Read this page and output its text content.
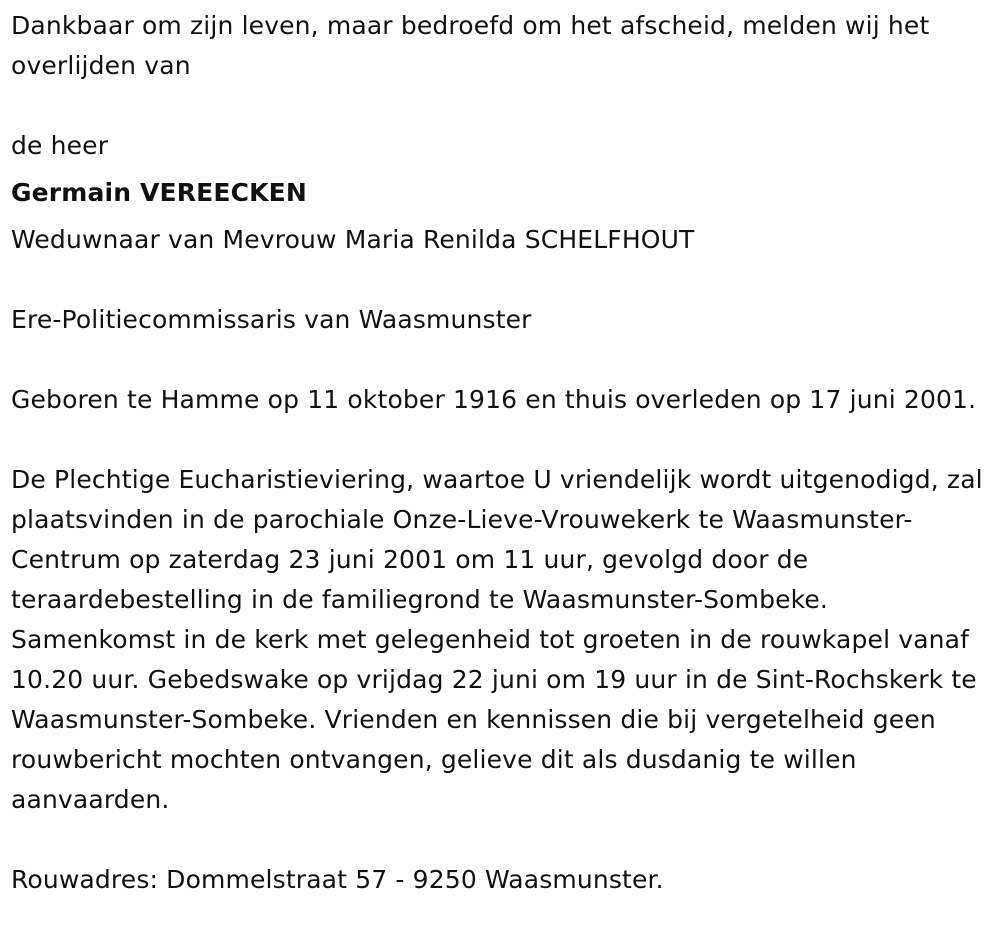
Dankbaar om zijn leven, maar bedroefd om het afscheid, melden wij het overlijden van

de heer

Germain VEREECKEN

Weduwnaar van Mevrouw Maria Renilda SCHELFHOUT

Ere-Politiecommissaris van Waasmunster

Geboren te Hamme op 11 oktober 1916 en thuis overleden op 17 juni 2001.

De Plechtige Eucharistieviering, waartoe U vriendelijk wordt uitgenodigd, zal plaatsvinden in de parochiale Onze-Lieve-Vrouwekerk te Waasmunster-Centrum op zaterdag 23 juni 2001 om 11 uur, gevolgd door de teraardebestelling in de familiegrond te Waasmunster-Sombeke. Samenkomst in de kerk met gelegenheid tot groeten in de rouwkapel vanaf 10.20 uur. Gebedswake op vrijdag 22 juni om 19 uur in de Sint-Rochskerk te Waasmunster-Sombeke. Vrienden en kennissen die bij vergetelheid geen rouwbericht mochten ontvangen, gelieve dit als dusdanig te willen aanvaarden.

Rouwadres: Dommelstraat 57 - 9250 Waasmunster.
